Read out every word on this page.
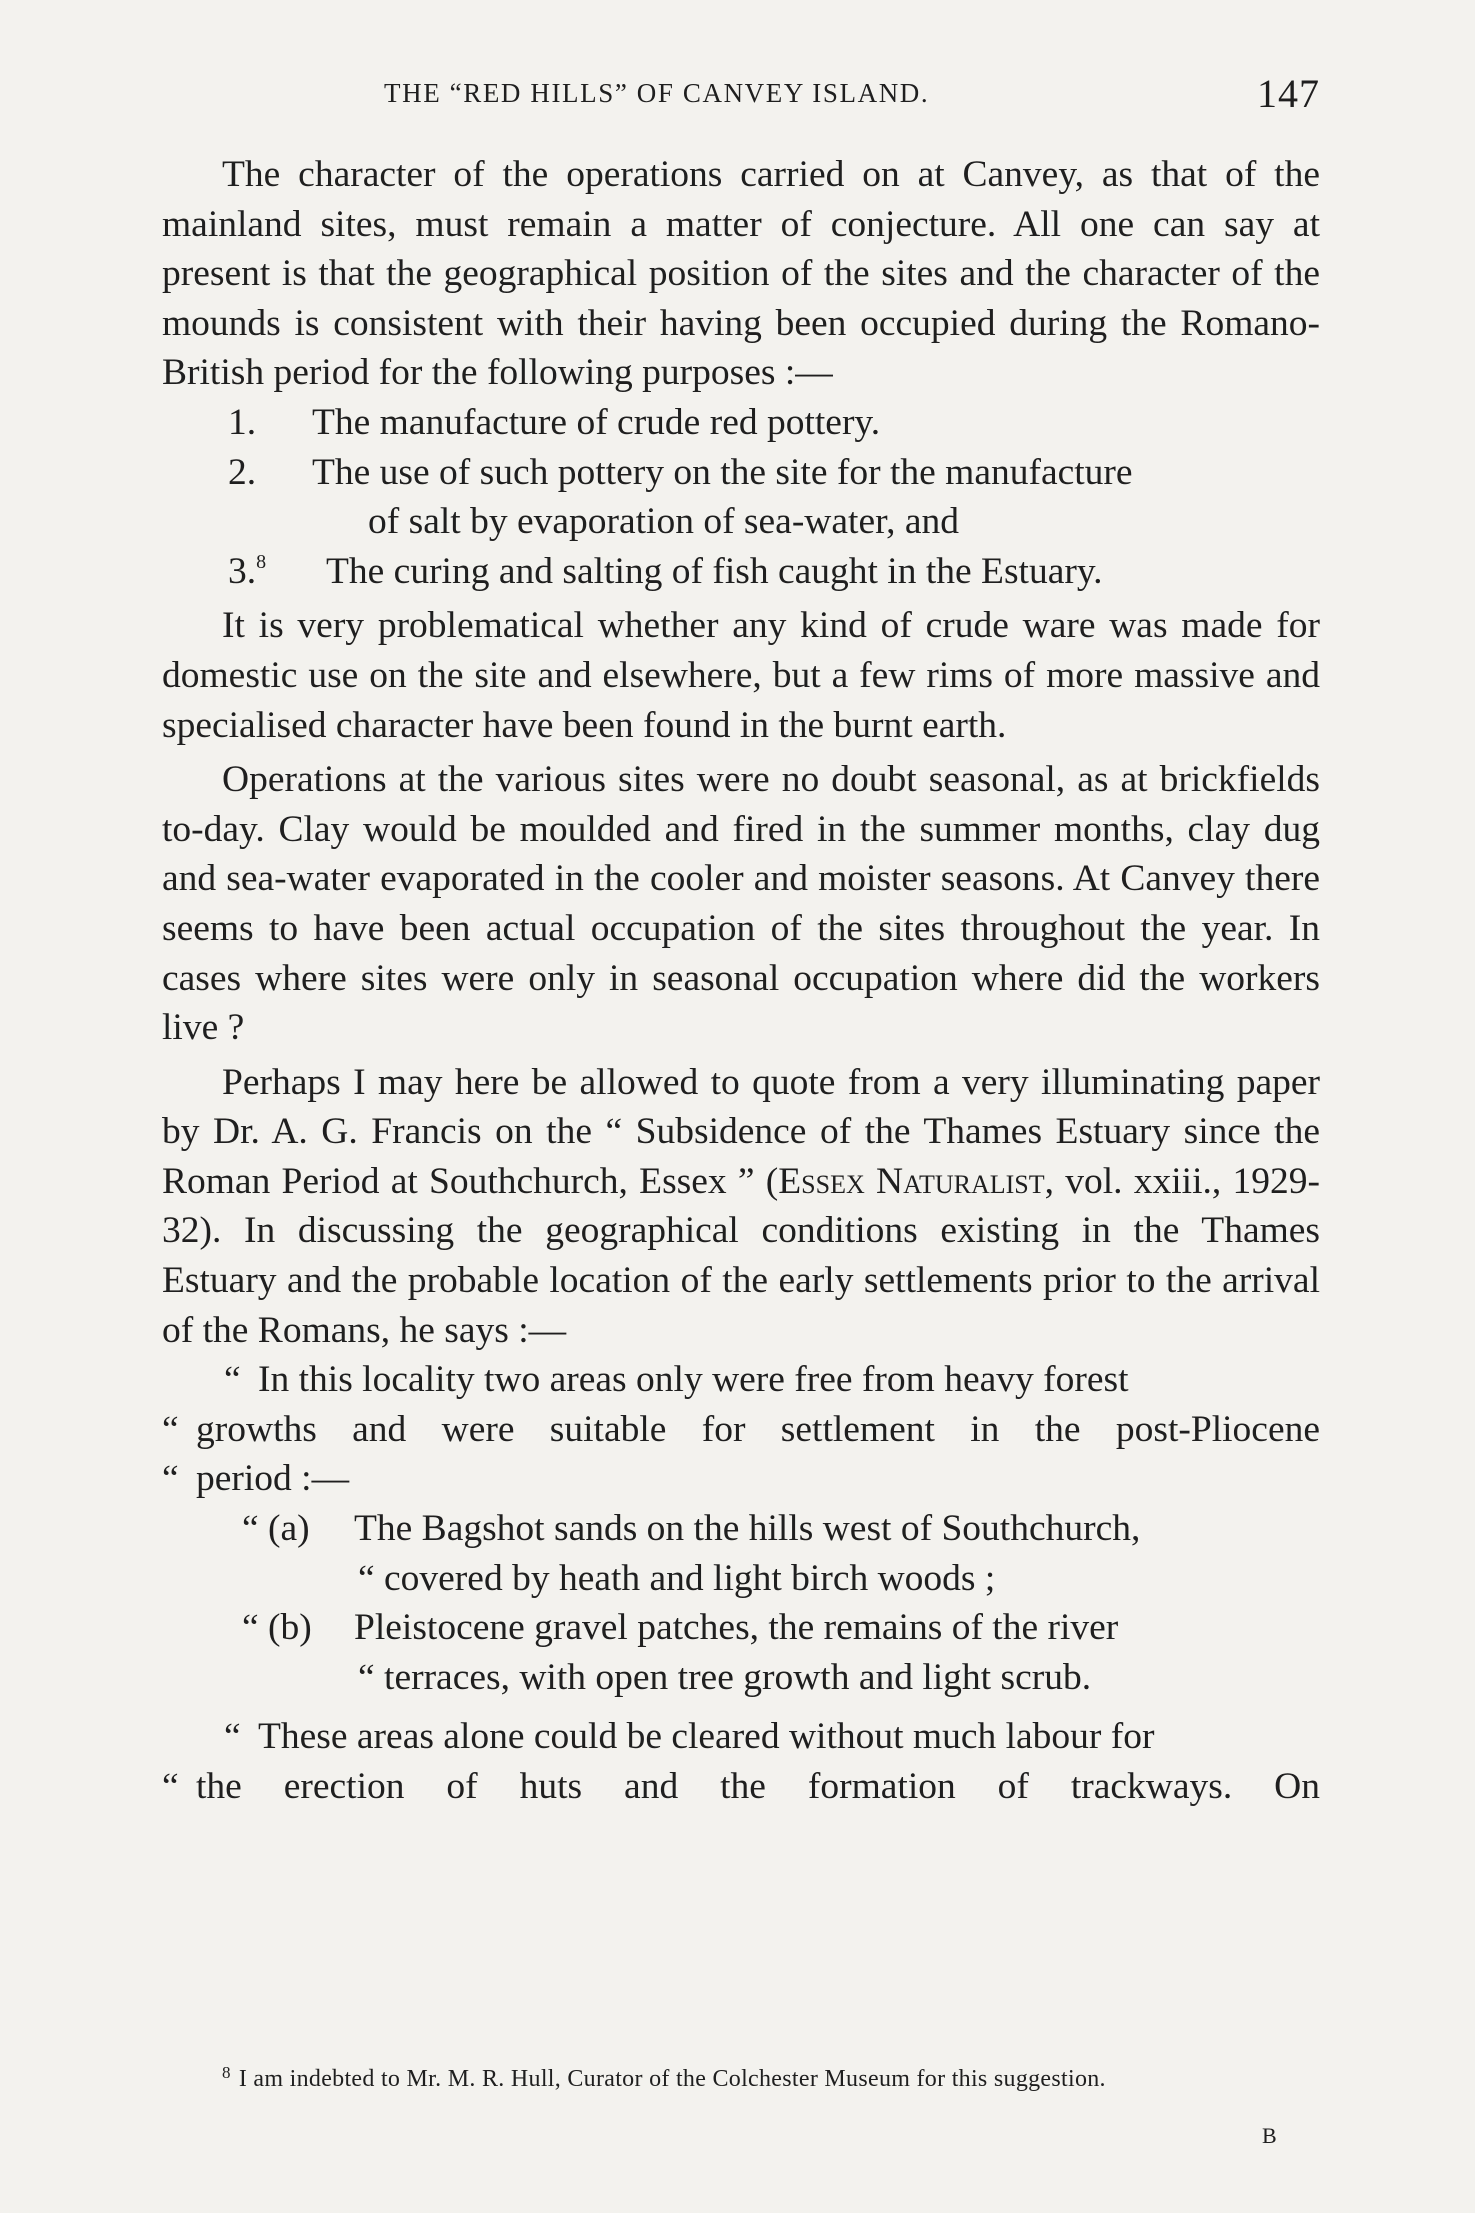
THE “RED HILLS” OF CANVEY ISLAND.	147

The character of the operations carried on at Canvey, as that of the mainland sites, must remain a matter of conjecture. All one can say at present is that the geographical position of the sites and the character of the mounds is consistent with their having been occupied during the Romano-British period for the following purposes :—

1. The manufacture of crude red pottery.
2. The use of such pottery on the site for the manufacture
of salt by evaporation of sea-water, and
3.$^8$ The curing and salting of fish caught in the Estuary.

It is very problematical whether any kind of crude ware was made for domestic use on the site and elsewhere, but a few rims of more massive and specialised character have been found in the burnt earth.

Operations at the various sites were no doubt seasonal, as at brickfields to-day. Clay would be moulded and fired in the summer months, clay dug and sea-water evaporated in the cooler and moister seasons. At Canvey there seems to have been actual occupation of the sites throughout the year. In cases where sites were only in seasonal occupation where did the workers live ?

Perhaps I may here be allowed to quote from a very illuminating paper by Dr. A. G. Francis on the “ Subsidence of the Thames Estuary since the Roman Period at Southchurch, Essex ” (Essex Naturalist, vol. xxiii., 1929-32). In discussing the geographical conditions existing in the Thames Estuary and the probable location of the early settlements prior to the arrival of the Romans, he says :—

“ In this locality two areas only were free from heavy forest
“ growths and were suitable for settlement in the post-Pliocene
“ period :—
“ (a) The Bagshot sands on the hills west of Southchurch,
“ covered by heath and light birch woods ;
“ (b) Pleistocene gravel patches, the remains of the river
“ terraces, with open tree growth and light scrub.
“ These areas alone could be cleared without much labour for
“ the erection of huts and the formation of trackways. On
$^8$ I am indebted to Mr. M. R. Hull, Curator of the Colchester Museum for this suggestion.
B
